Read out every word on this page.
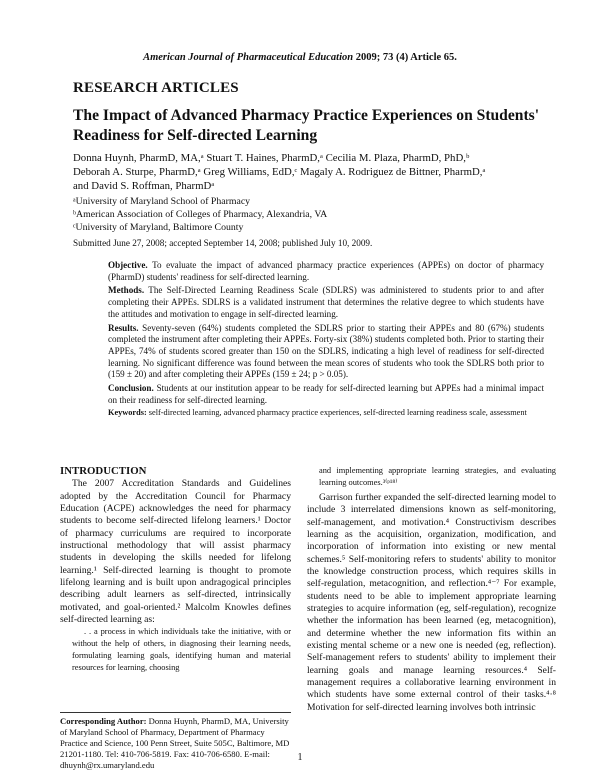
American Journal of Pharmaceutical Education 2009; 73 (4) Article 65.
RESEARCH ARTICLES
The Impact of Advanced Pharmacy Practice Experiences on Students' Readiness for Self-directed Learning
Donna Huynh, PharmD, MA,ᵃ Stuart T. Haines, PharmD,ᵃ Cecilia M. Plaza, PharmD, PhD,ᵇ
Deborah A. Sturpe, PharmD,ᵃ Greg Williams, EdD,ᶜ Magaly A. Rodriguez de Bittner, PharmD,ᵃ
and David S. Roffman, PharmDᵃ
ᵃUniversity of Maryland School of Pharmacy
ᵇAmerican Association of Colleges of Pharmacy, Alexandria, VA
ᶜUniversity of Maryland, Baltimore County
Submitted June 27, 2008; accepted September 14, 2008; published July 10, 2009.

Objective. To evaluate the impact of advanced pharmacy practice experiences (APPEs) on doctor of pharmacy (PharmD) students' readiness for self-directed learning.

Methods. The Self-Directed Learning Readiness Scale (SDLRS) was administered to students prior to and after completing their APPEs. SDLRS is a validated instrument that determines the relative degree to which students have the attitudes and motivation to engage in self-directed learning.

Results. Seventy-seven (64%) students completed the SDLRS prior to starting their APPEs and 80 (67%) students completed the instrument after completing their APPEs. Forty-six (38%) students completed both. Prior to starting their APPEs, 74% of students scored greater than 150 on the SDLRS, indicating a high level of readiness for self-directed learning. No significant difference was found between the mean scores of students who took the SDLRS both prior to (159 ± 20) and after completing their APPEs (159 ± 24; p > 0.05).

Conclusion. Students at our institution appear to be ready for self-directed learning but APPEs had a minimal impact on their readiness for self-directed learning.

Keywords: self-directed learning, advanced pharmacy practice experiences, self-directed learning readiness scale, assessment

INTRODUCTION

The 2007 Accreditation Standards and Guidelines adopted by the Accreditation Council for Pharmacy Education (ACPE) acknowledges the need for pharmacy students to become self-directed lifelong learners.¹ Doctor of pharmacy curriculums are required to incorporate instructional methodology that will assist pharmacy students in developing the skills needed for lifelong learning.¹ Self-directed learning is thought to promote lifelong learning and is built upon andragogical principles describing adult learners as self-directed, intrinsically motivated, and goal-oriented.² Malcolm Knowles defines self-directed learning as:

. . a process in which individuals take the initiative, with or without the help of others, in diagnosing their learning needs, formulating learning goals, identifying human and material resources for learning, choosing

and implementing appropriate learning strategies, and evaluating learning outcomes.³⁽ᵖ¹⁸⁾

Garrison further expanded the self-directed learning model to include 3 interrelated dimensions known as self-monitoring, self-management, and motivation.⁴ Constructivism describes learning as the acquisition, organization, modification, and incorporation of information into existing or new mental schemes.⁵ Self-monitoring refers to students' ability to monitor the knowledge construction process, which requires skills in self-regulation, metacognition, and reflection.⁴⁻⁷ For example, students need to be able to implement appropriate learning strategies to acquire information (eg, self-regulation), recognize whether the information has been learned (eg, metacognition), and determine whether the new information fits within an existing mental scheme or a new one is needed (eg, reflection). Self-management refers to students' ability to implement their learning goals and manage learning resources.⁴ Self-management requires a collaborative learning environment in which students have some external control of their tasks.⁴·⁸ Motivation for self-directed learning involves both intrinsic

Corresponding Author: Donna Huynh, PharmD, MA, University of Maryland School of Pharmacy, Department of Pharmacy Practice and Science, 100 Penn Street, Suite 505C, Baltimore, MD 21201-1180. Tel: 410-706-5819. Fax: 410-706-6580. E-mail: dhuynh@rx.umaryland.edu
1
